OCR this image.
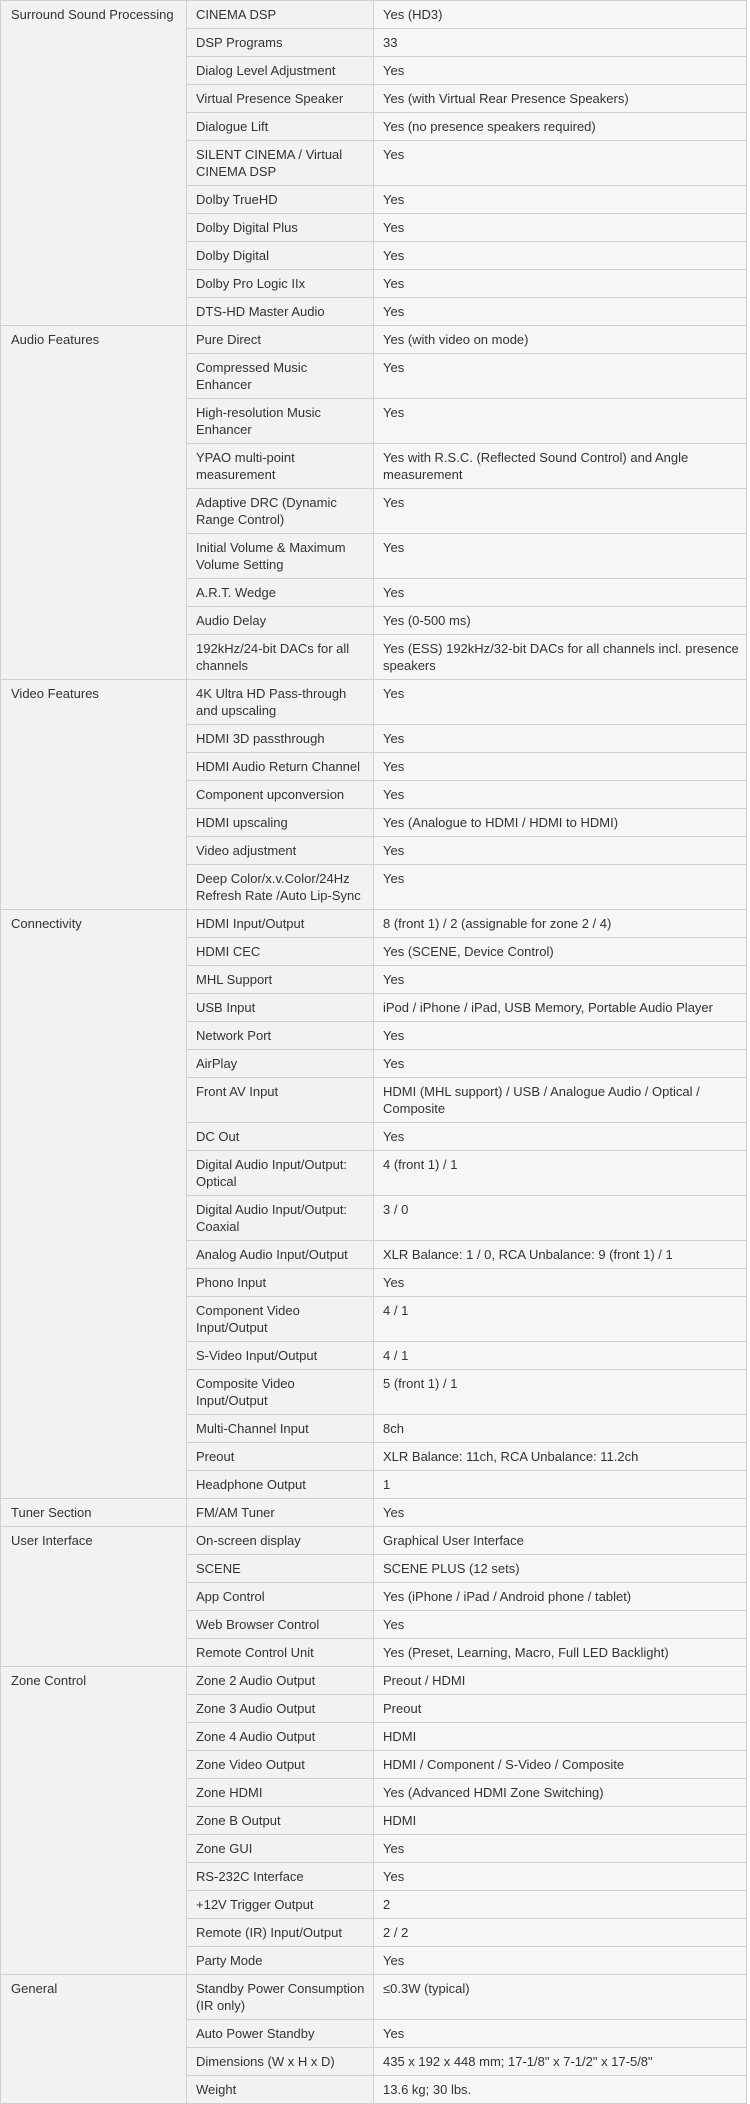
Surround Sound Processing	CINEMA DSP	Yes (HD3)
	DSP Programs	33
	Dialog Level Adjustment	Yes
	Virtual Presence Speaker	Yes (with Virtual Rear Presence Speakers)
	Dialogue Lift	Yes (no presence speakers required)
	SILENT CINEMA / Virtual CINEMA DSP	Yes
	Dolby TrueHD	Yes
	Dolby Digital Plus	Yes
	Dolby Digital	Yes
	Dolby Pro Logic IIx	Yes
	DTS-HD Master Audio	Yes
Audio Features	Pure Direct	Yes (with video on mode)
	Compressed Music Enhancer	Yes
	High-resolution Music Enhancer	Yes
	YPAO multi-point measurement	Yes with R.S.C. (Reflected Sound Control) and Angle measurement
	Adaptive DRC (Dynamic Range Control)	Yes
	Initial Volume & Maximum Volume Setting	Yes
	A.R.T. Wedge	Yes
	Audio Delay	Yes (0-500 ms)
	192kHz/24-bit DACs for all channels	Yes (ESS) 192kHz/32-bit DACs for all channels incl. presence speakers
Video Features	4K Ultra HD Pass-through and upscaling	Yes
	HDMI 3D passthrough	Yes
	HDMI Audio Return Channel	Yes
	Component upconversion	Yes
	HDMI upscaling	Yes (Analogue to HDMI / HDMI to HDMI)
	Video adjustment	Yes
	Deep Color/x.v.Color/24Hz Refresh Rate /Auto Lip-Sync	Yes
Connectivity	HDMI Input/Output	8 (front 1) / 2 (assignable for zone 2 / 4)
	HDMI CEC	Yes (SCENE, Device Control)
	MHL Support	Yes
	USB Input	iPod / iPhone / iPad, USB Memory, Portable Audio Player
	Network Port	Yes
	AirPlay	Yes
	Front AV Input	HDMI (MHL support) / USB / Analogue Audio / Optical / Composite
	DC Out	Yes
	Digital Audio Input/Output: Optical	4 (front 1) / 1
	Digital Audio Input/Output: Coaxial	3 / 0
	Analog Audio Input/Output	XLR Balance: 1 / 0, RCA Unbalance: 9 (front 1) / 1
	Phono Input	Yes
	Component Video Input/Output	4 / 1
	S-Video Input/Output	4 / 1
	Composite Video Input/Output	5 (front 1) / 1
	Multi-Channel Input	8ch
	Preout	XLR Balance: 11ch, RCA Unbalance: 11.2ch
	Headphone Output	1
Tuner Section	FM/AM Tuner	Yes
User Interface	On-screen display	Graphical User Interface
	SCENE	SCENE PLUS (12 sets)
	App Control	Yes (iPhone / iPad / Android phone / tablet)
	Web Browser Control	Yes
	Remote Control Unit	Yes (Preset, Learning, Macro, Full LED Backlight)
Zone Control	Zone 2 Audio Output	Preout / HDMI
	Zone 3 Audio Output	Preout
	Zone 4 Audio Output	HDMI
	Zone Video Output	HDMI / Component / S-Video / Composite
	Zone HDMI	Yes (Advanced HDMI Zone Switching)
	Zone B Output	HDMI
	Zone GUI	Yes
	RS-232C Interface	Yes
	+12V Trigger Output	2
	Remote (IR) Input/Output	2 / 2
	Party Mode	Yes
General	Standby Power Consumption (IR only)	≤0.3W (typical)
	Auto Power Standby	Yes
	Dimensions (W x H x D)	435 x 192 x 448 mm; 17-1/8" x 7-1/2" x 17-5/8"
	Weight	13.6 kg; 30 lbs.
